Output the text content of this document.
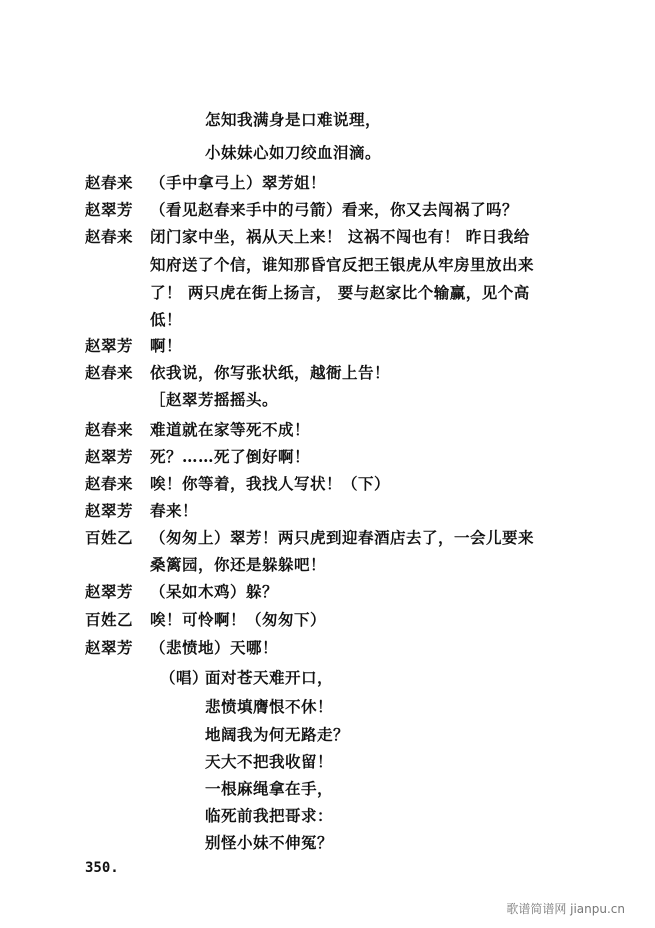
怎知我满身是口难说理，
小妹妹心如刀绞血泪滴。
赵春来	（手中拿弓上）翠芳姐！
赵翠芳	（看见赵春来手中的弓箭）看来，你又去闯祸了吗？
赵春来	闭门家中坐，祸从天上来！ 这祸不闯也有！ 昨日我给
知府送了个信，谁知那昏官反把王银虎从牢房里放出来
了！ 两只虎在街上扬言， 要与赵家比个输赢，见个高
低！
赵翠芳	啊！
赵春来	依我说，你写张状纸，越衙上告！
［赵翠芳摇摇头。
赵春来	难道就在家等死不成！
赵翠芳	死？……死了倒好啊！
赵春来	唉！你等着，我找人写状！（下）
赵翠芳	春来！
百姓乙	（匆匆上）翠芳！两只虎到迎春酒店去了，一会儿要来
桑篱园，你还是躲躲吧！
赵翠芳	（呆如木鸡）躲？
百姓乙	唉！可怜啊！（匆匆下）
赵翠芳	（悲愤地）天哪！
（唱）
面对苍天难开口，
悲愤填膺恨不休！
地阔我为何无路走？
天大不把我收留！
一根麻绳拿在手，
临死前我把哥求：
别怪小妹不伸冤？
350.
歌谱简谱网 jianpu.cn
